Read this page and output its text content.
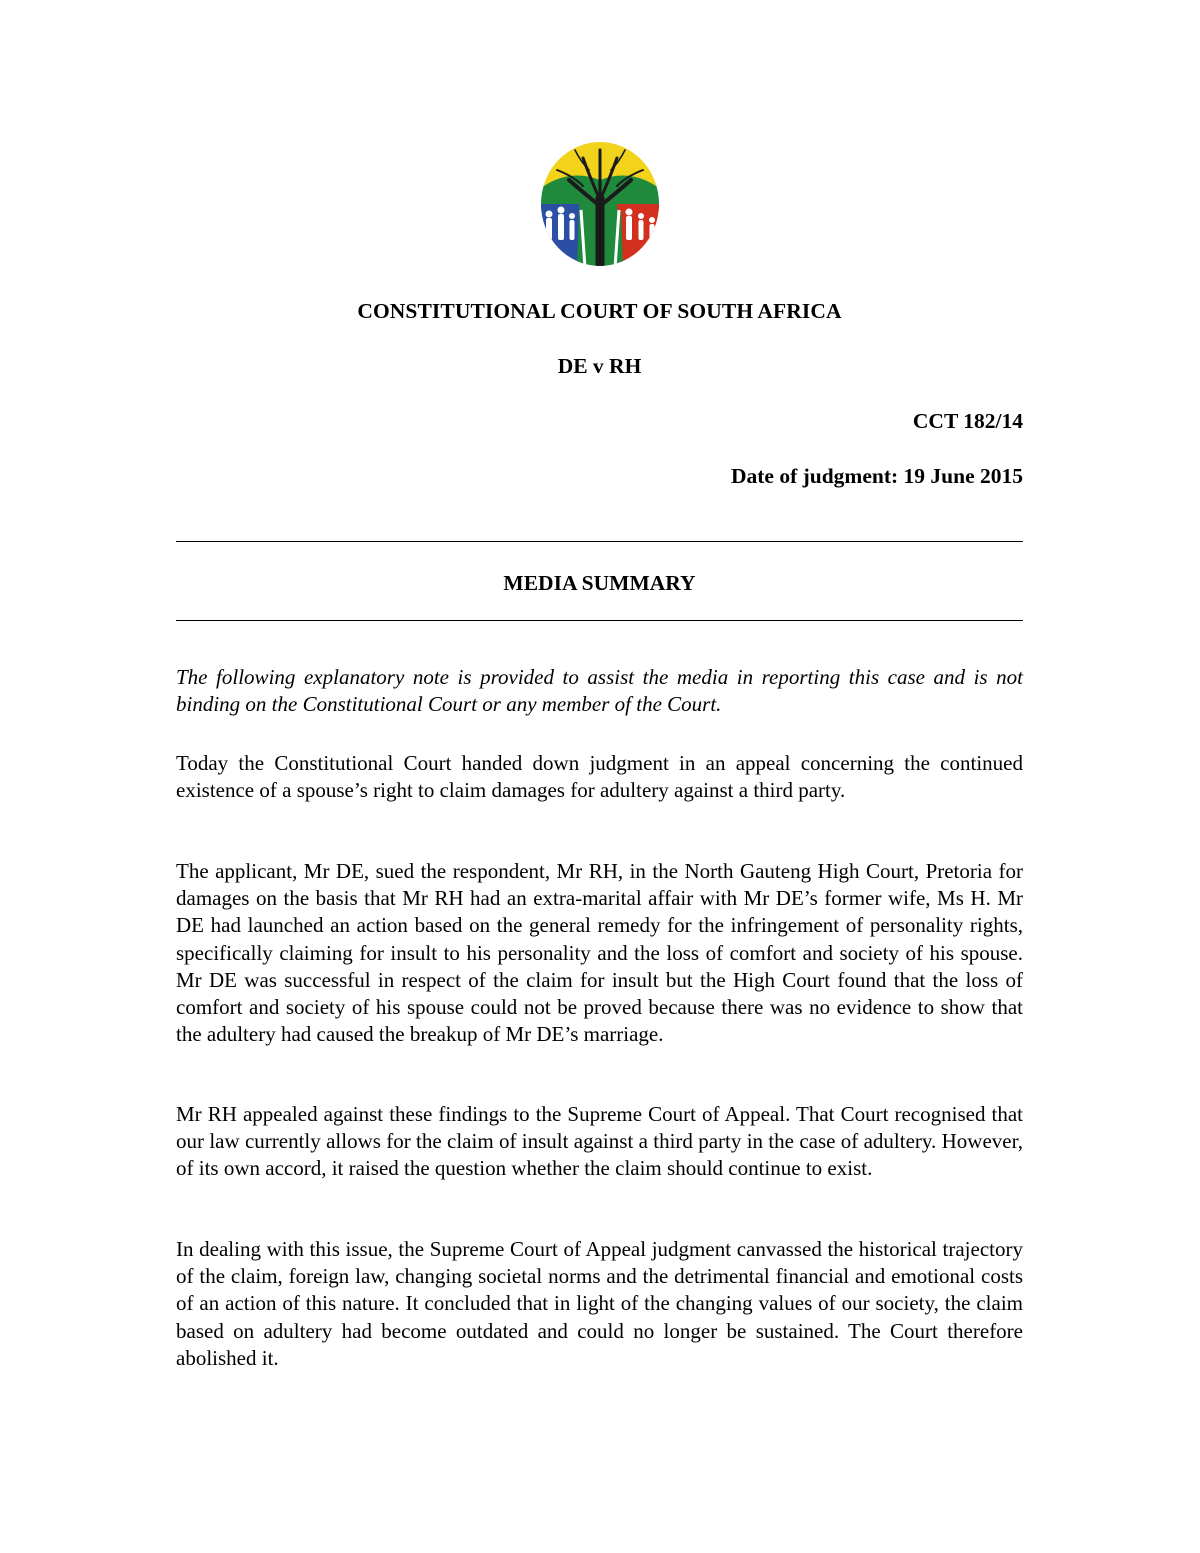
CONSTITUTIONAL COURT OF SOUTH AFRICA
DE v RH
CCT 182/14
Date of judgment: 19 June 2015
MEDIA SUMMARY

The following explanatory note is provided to assist the media in reporting this case and is not binding on the Constitutional Court or any member of the Court.

Today the Constitutional Court handed down judgment in an appeal concerning the continued existence of a spouse’s right to claim damages for adultery against a third party.

The applicant, Mr DE, sued the respondent, Mr RH, in the North Gauteng High Court, Pretoria for damages on the basis that Mr RH had an extra-marital affair with Mr DE’s former wife, Ms H. Mr DE had launched an action based on the general remedy for the infringement of personality rights, specifically claiming for insult to his personality and the loss of comfort and society of his spouse. Mr DE was successful in respect of the claim for insult but the High Court found that the loss of comfort and society of his spouse could not be proved because there was no evidence to show that the adultery had caused the breakup of Mr DE’s marriage.

Mr RH appealed against these findings to the Supreme Court of Appeal. That Court recognised that our law currently allows for the claim of insult against a third party in the case of adultery. However, of its own accord, it raised the question whether the claim should continue to exist.

In dealing with this issue, the Supreme Court of Appeal judgment canvassed the historical trajectory of the claim, foreign law, changing societal norms and the detrimental financial and emotional costs of an action of this nature. It concluded that in light of the changing values of our society, the claim based on adultery had become outdated and could no longer be sustained. The Court therefore abolished it.
